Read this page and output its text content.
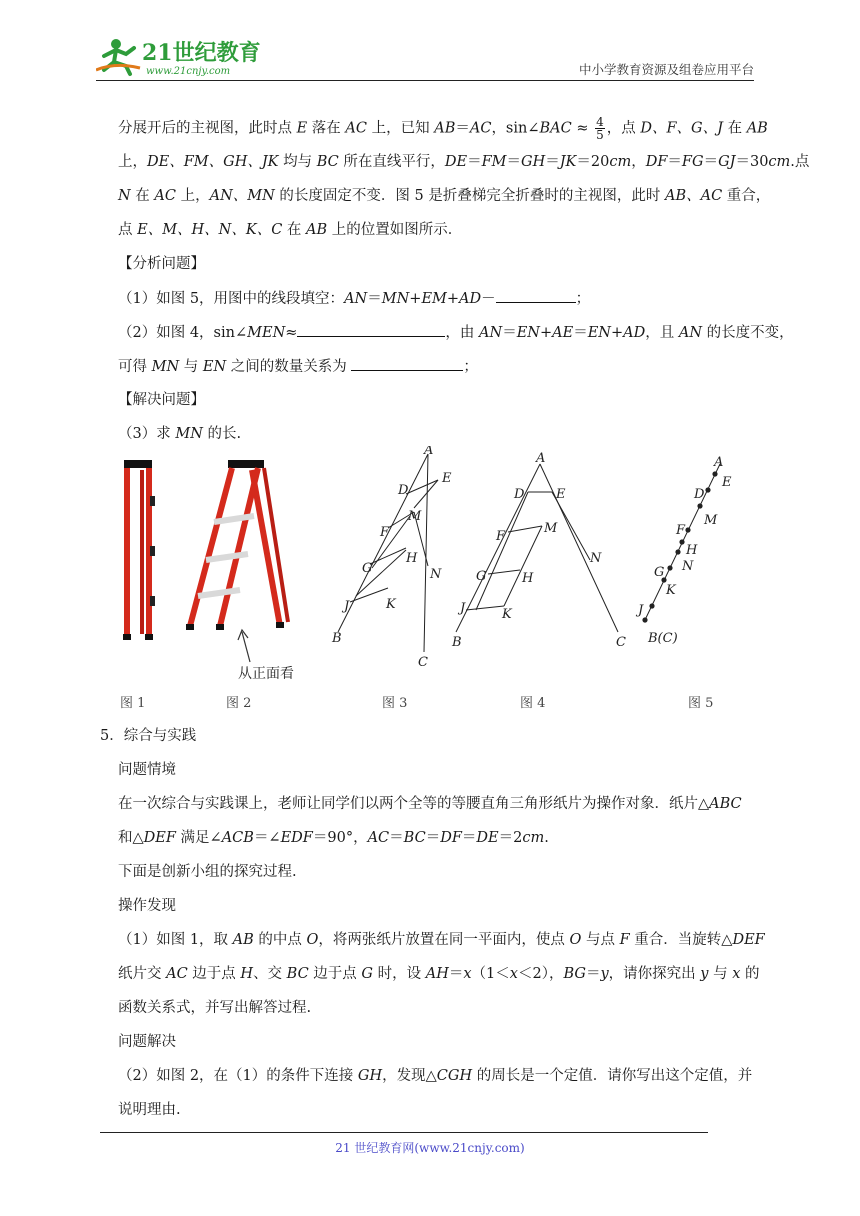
21世纪教育
www.21cnjy.com	中小学教育资源及组卷应用平台
分展开后的主视图，此时点 E 落在 AC 上，已知 AB＝AC，sin∠BAC ≈ $\frac{4}{5}$ ，点 D、F、G、J 在 AB
上，DE、FM、GH、JK 均与 BC 所在直线平行，DE＝FM＝GH＝JK＝20cm，DF＝FG＝GJ＝30cm.点
N 在 AC 上，AN、MN 的长度固定不变．图 5 是折叠梯完全折叠时的主视图，此时 AB、AC 重合，
点 E、M、H、N、K、C 在 AB 上的位置如图所示．
【分析问题】
（1）如图 5，用图中的线段填空：AN＝MN+EM+AD－	；
（2）如图 4，sin∠MEN≈	，由 AN＝EN+AE＝EN+AD，且 AN 的长度不变，
可得 MN 与 EN 之间的数量关系为	；
【解决问题】
（3）求 MN 的长.
从正面看
A
E
D
M
F
H
G	N
K
J
B
C
A
D E
M
F
N
G	H
J	K
B	C
A
E
D
M
F
H
N
G
K
J
B(C)
图 1	图 2	图 3	图 4	图 5
5．综合与实践
问题情境
在一次综合与实践课上，老师让同学们以两个全等的等腰直角三角形纸片为操作对象．纸片△ABC
和△DEF 满足∠ACB＝∠EDF＝90°，AC＝BC＝DF＝DE＝2cm.
下面是创新小组的探究过程.
操作发现
（1）如图 1，取 AB 的中点 O，将两张纸片放置在同一平面内，使点 O 与点 F 重合．当旋转△DEF
纸片交 AC 边于点 H、交 BC 边于点 G 时，设 AH＝x（1＜x＜2），BG＝y，请你探究出 y 与 x 的
函数关系式，并写出解答过程.
问题解决
（2）如图 2，在（1）的条件下连接 GH，发现△CGH 的周长是一个定值．请你写出这个定值，并
说明理由.
21 世纪教育网(www.21cnjy.com)
